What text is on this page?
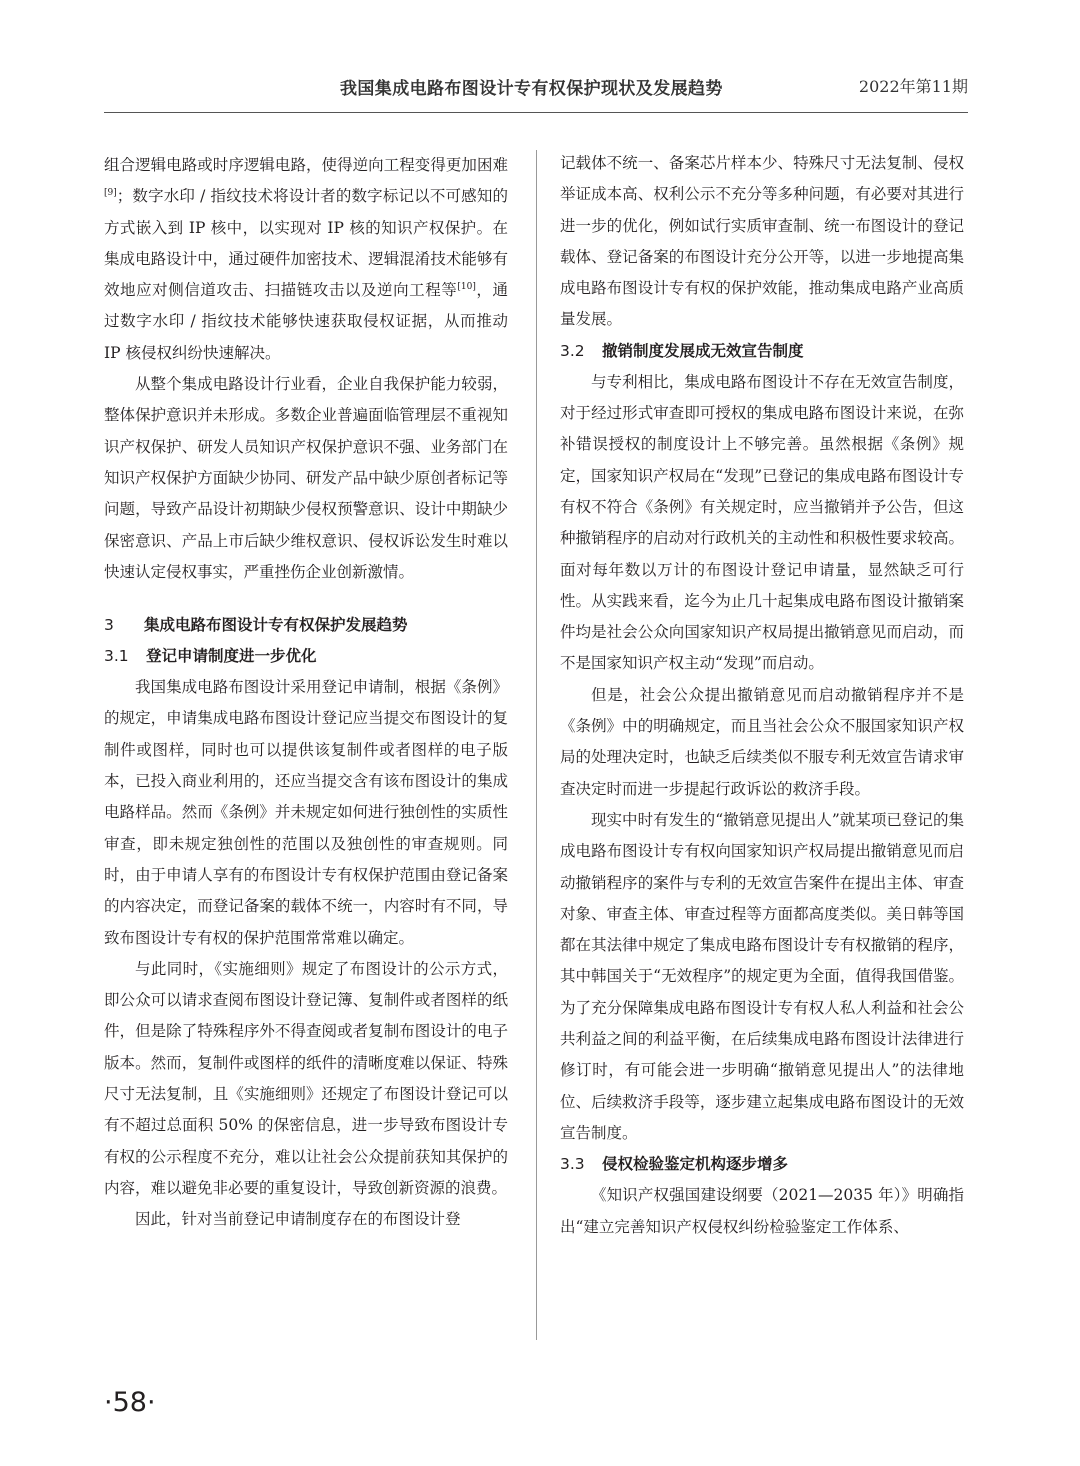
我国集成电路布图设计专有权保护现状及发展趋势	2022年第11期

组合逻辑电路或时序逻辑电路，使得逆向工程变得更加困难[9]；数字水印 / 指纹技术将设计者的数字标记以不可感知的方式嵌入到 IP 核中，以实现对 IP 核的知识产权保护。在集成电路设计中，通过硬件加密技术、逻辑混淆技术能够有效地应对侧信道攻击、扫描链攻击以及逆向工程等[10]，通过数字水印 / 指纹技术能够快速获取侵权证据，从而推动 IP 核侵权纠纷快速解决。

从整个集成电路设计行业看，企业自我保护能力较弱，整体保护意识并未形成。多数企业普遍面临管理层不重视知识产权保护、研发人员知识产权保护意识不强、业务部门在知识产权保护方面缺少协同、研发产品中缺少原创者标记等问题，导致产品设计初期缺少侵权预警意识、设计中期缺少保密意识、产品上市后缺少维权意识、侵权诉讼发生时难以快速认定侵权事实，严重挫伤企业创新激情。

3 集成电路布图设计专有权保护发展趋势
3.1 登记申请制度进一步优化

我国集成电路布图设计采用登记申请制，根据《条例》的规定，申请集成电路布图设计登记应当提交布图设计的复制件或图样，同时也可以提供该复制件或者图样的电子版本，已投入商业利用的，还应当提交含有该布图设计的集成电路样品。然而《条例》并未规定如何进行独创性的实质性审查，即未规定独创性的范围以及独创性的审查规则。同时，由于申请人享有的布图设计专有权保护范围由登记备案的内容决定，而登记备案的载体不统一，内容时有不同，导致布图设计专有权的保护范围常常难以确定。

与此同时，《实施细则》规定了布图设计的公示方式，即公众可以请求查阅布图设计登记簿、复制件或者图样的纸件，但是除了特殊程序外不得查阅或者复制布图设计的电子版本。然而，复制件或图样的纸件的清晰度难以保证、特殊尺寸无法复制，且《实施细则》还规定了布图设计登记可以有不超过总面积 50% 的保密信息，进一步导致布图设计专有权的公示程度不充分，难以让社会公众提前获知其保护的内容，难以避免非必要的重复设计，导致创新资源的浪费。

因此，针对当前登记申请制度存在的布图设计登

记载体不统一、备案芯片样本少、特殊尺寸无法复制、侵权举证成本高、权利公示不充分等多种问题，有必要对其进行进一步的优化，例如试行实质审查制、统一布图设计的登记载体、登记备案的布图设计充分公开等，以进一步地提高集成电路布图设计专有权的保护效能，推动集成电路产业高质量发展。

3.2 撤销制度发展成无效宣告制度

与专利相比，集成电路布图设计不存在无效宣告制度，对于经过形式审查即可授权的集成电路布图设计来说，在弥补错误授权的制度设计上不够完善。虽然根据《条例》规定，国家知识产权局在“发现”已登记的集成电路布图设计专有权不符合《条例》有关规定时，应当撤销并予公告，但这种撤销程序的启动对行政机关的主动性和积极性要求较高。面对每年数以万计的布图设计登记申请量，显然缺乏可行性。从实践来看，迄今为止几十起集成电路布图设计撤销案件均是社会公众向国家知识产权局提出撤销意见而启动，而不是国家知识产权主动“发现”而启动。

但是，社会公众提出撤销意见而启动撤销程序并不是《条例》中的明确规定，而且当社会公众不服国家知识产权局的处理决定时，也缺乏后续类似不服专利无效宣告请求审查决定时而进一步提起行政诉讼的救济手段。

现实中时有发生的“撤销意见提出人”就某项已登记的集成电路布图设计专有权向国家知识产权局提出撤销意见而启动撤销程序的案件与专利的无效宣告案件在提出主体、审查对象、审查主体、审查过程等方面都高度类似。美日韩等国都在其法律中规定了集成电路布图设计专有权撤销的程序，其中韩国关于“无效程序”的规定更为全面，值得我国借鉴。为了充分保障集成电路布图设计专有权人私人利益和社会公共利益之间的利益平衡，在后续集成电路布图设计法律进行修订时，有可能会进一步明确“撤销意见提出人”的法律地位、后续救济手段等，逐步建立起集成电路布图设计的无效宣告制度。

3.3 侵权检验鉴定机构逐步增多

《知识产权强国建设纲要（2021—2035 年）》明确指出“建立完善知识产权侵权纠纷检验鉴定工作体系、

·58·
